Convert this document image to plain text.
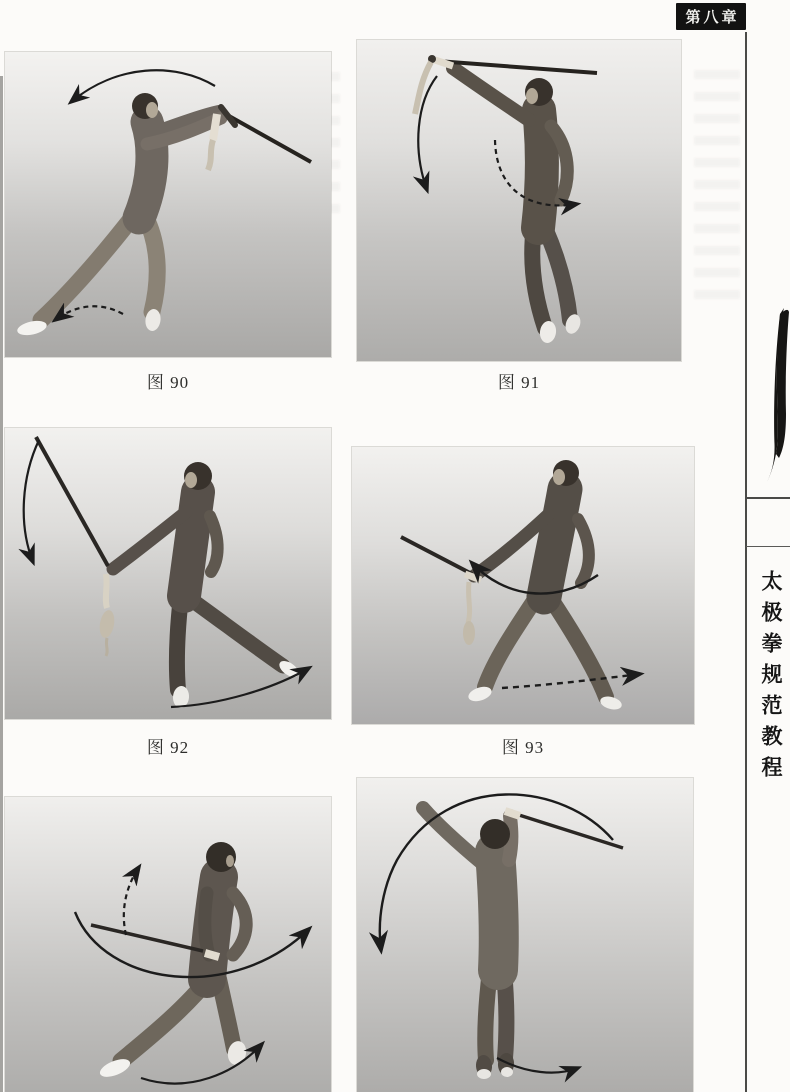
第八章
太极拳规范教程
图 90	图 91
图 92	图 93
